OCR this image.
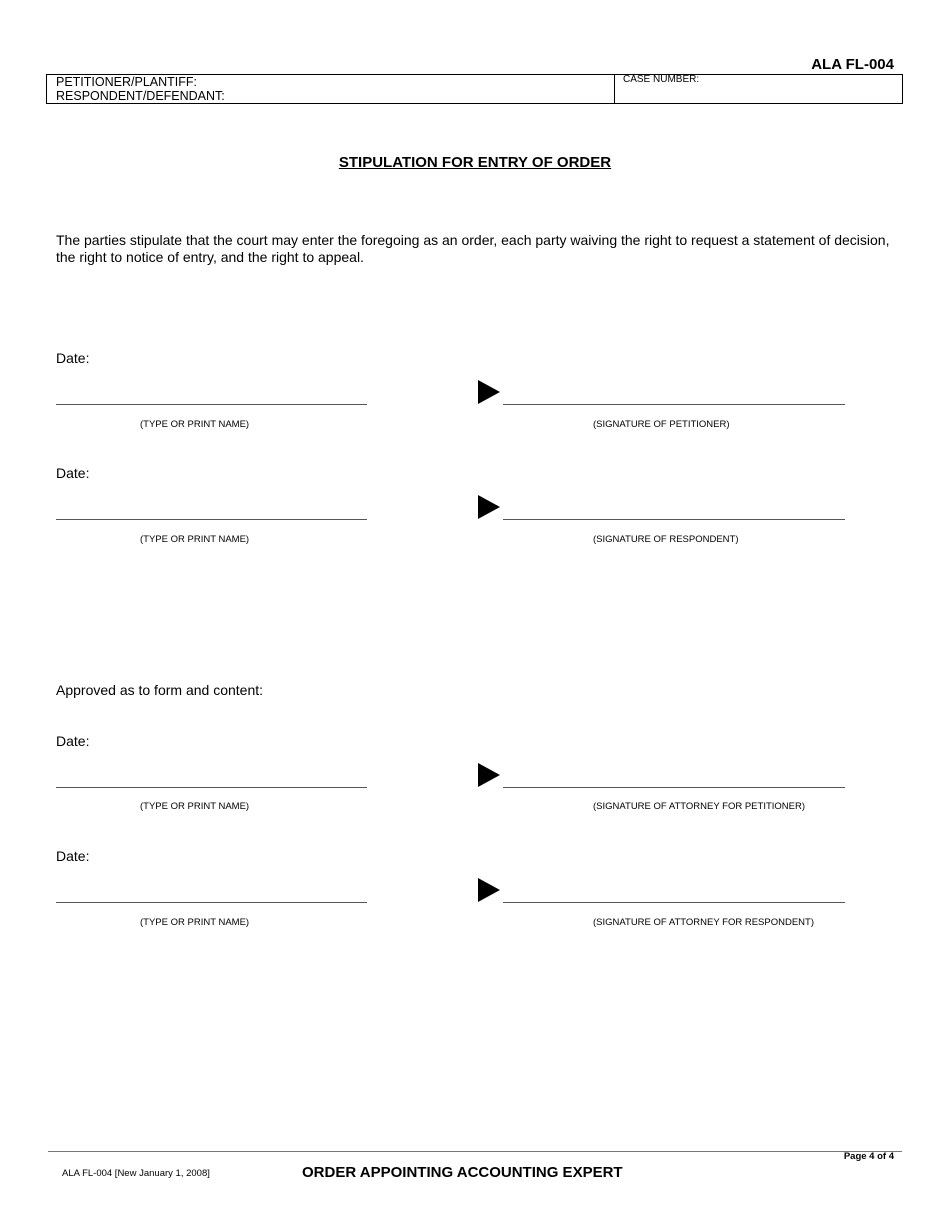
ALA FL-004
PETITIONER/PLANTIFF:
RESPONDENT/DEFENDANT:
CASE NUMBER:
STIPULATION FOR ENTRY OF ORDER
The parties stipulate that the court may enter the foregoing as an order, each party waiving the right to request a statement of decision, the right to notice of entry, and the right to appeal.
Date:
(TYPE OR PRINT NAME)	(SIGNATURE OF PETITIONER)
Date:
(TYPE OR PRINT NAME)	(SIGNATURE OF RESPONDENT)
Approved as to form and content:
Date:
(TYPE OR PRINT NAME)	(SIGNATURE OF ATTORNEY FOR PETITIONER)
Date:
(TYPE OR PRINT NAME)	(SIGNATURE OF ATTORNEY FOR RESPONDENT)
Page 4 of 4
ALA FL-004 [New January 1, 2008]	ORDER APPOINTING ACCOUNTING EXPERT
